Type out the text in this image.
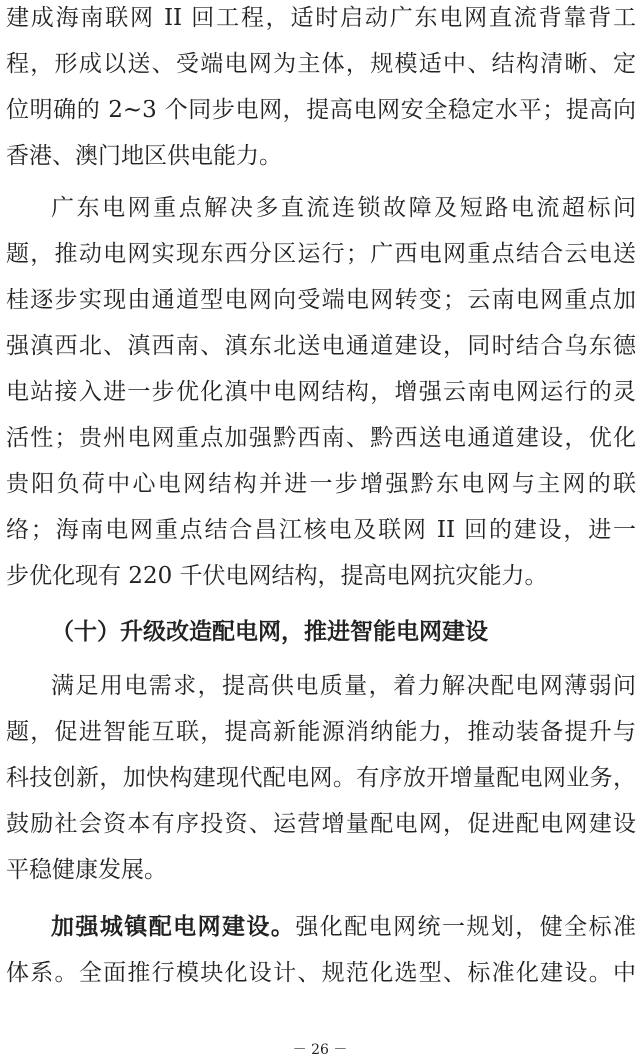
建成海南联网 II 回工程，适时启动广东电网直流背靠背工
程，形成以送、受端电网为主体，规模适中、结构清晰、定
位明确的 2~3 个同步电网，提高电网安全稳定水平；提高向
香港、澳门地区供电能力。
广东电网重点解决多直流连锁故障及短路电流超标问
题，推动电网实现东西分区运行；广西电网重点结合云电送
桂逐步实现由通道型电网向受端电网转变；云南电网重点加
强滇西北、滇西南、滇东北送电通道建设，同时结合乌东德
电站接入进一步优化滇中电网结构，增强云南电网运行的灵
活性；贵州电网重点加强黔西南、黔西送电通道建设，优化
贵阳负荷中心电网结构并进一步增强黔东电网与主网的联
络；海南电网重点结合昌江核电及联网 II 回的建设，进一
步优化现有 220 千伏电网结构，提高电网抗灾能力。
（十）升级改造配电网，推进智能电网建设
满足用电需求，提高供电质量，着力解决配电网薄弱问
题，促进智能互联，提高新能源消纳能力，推动装备提升与
科技创新，加快构建现代配电网。有序放开增量配电网业务，
鼓励社会资本有序投资、运营增量配电网，促进配电网建设
平稳健康发展。
加强城镇配电网建设。强化配电网统一规划，健全标准
体系。全面推行模块化设计、规范化选型、标准化建设。中
－ 26 －
